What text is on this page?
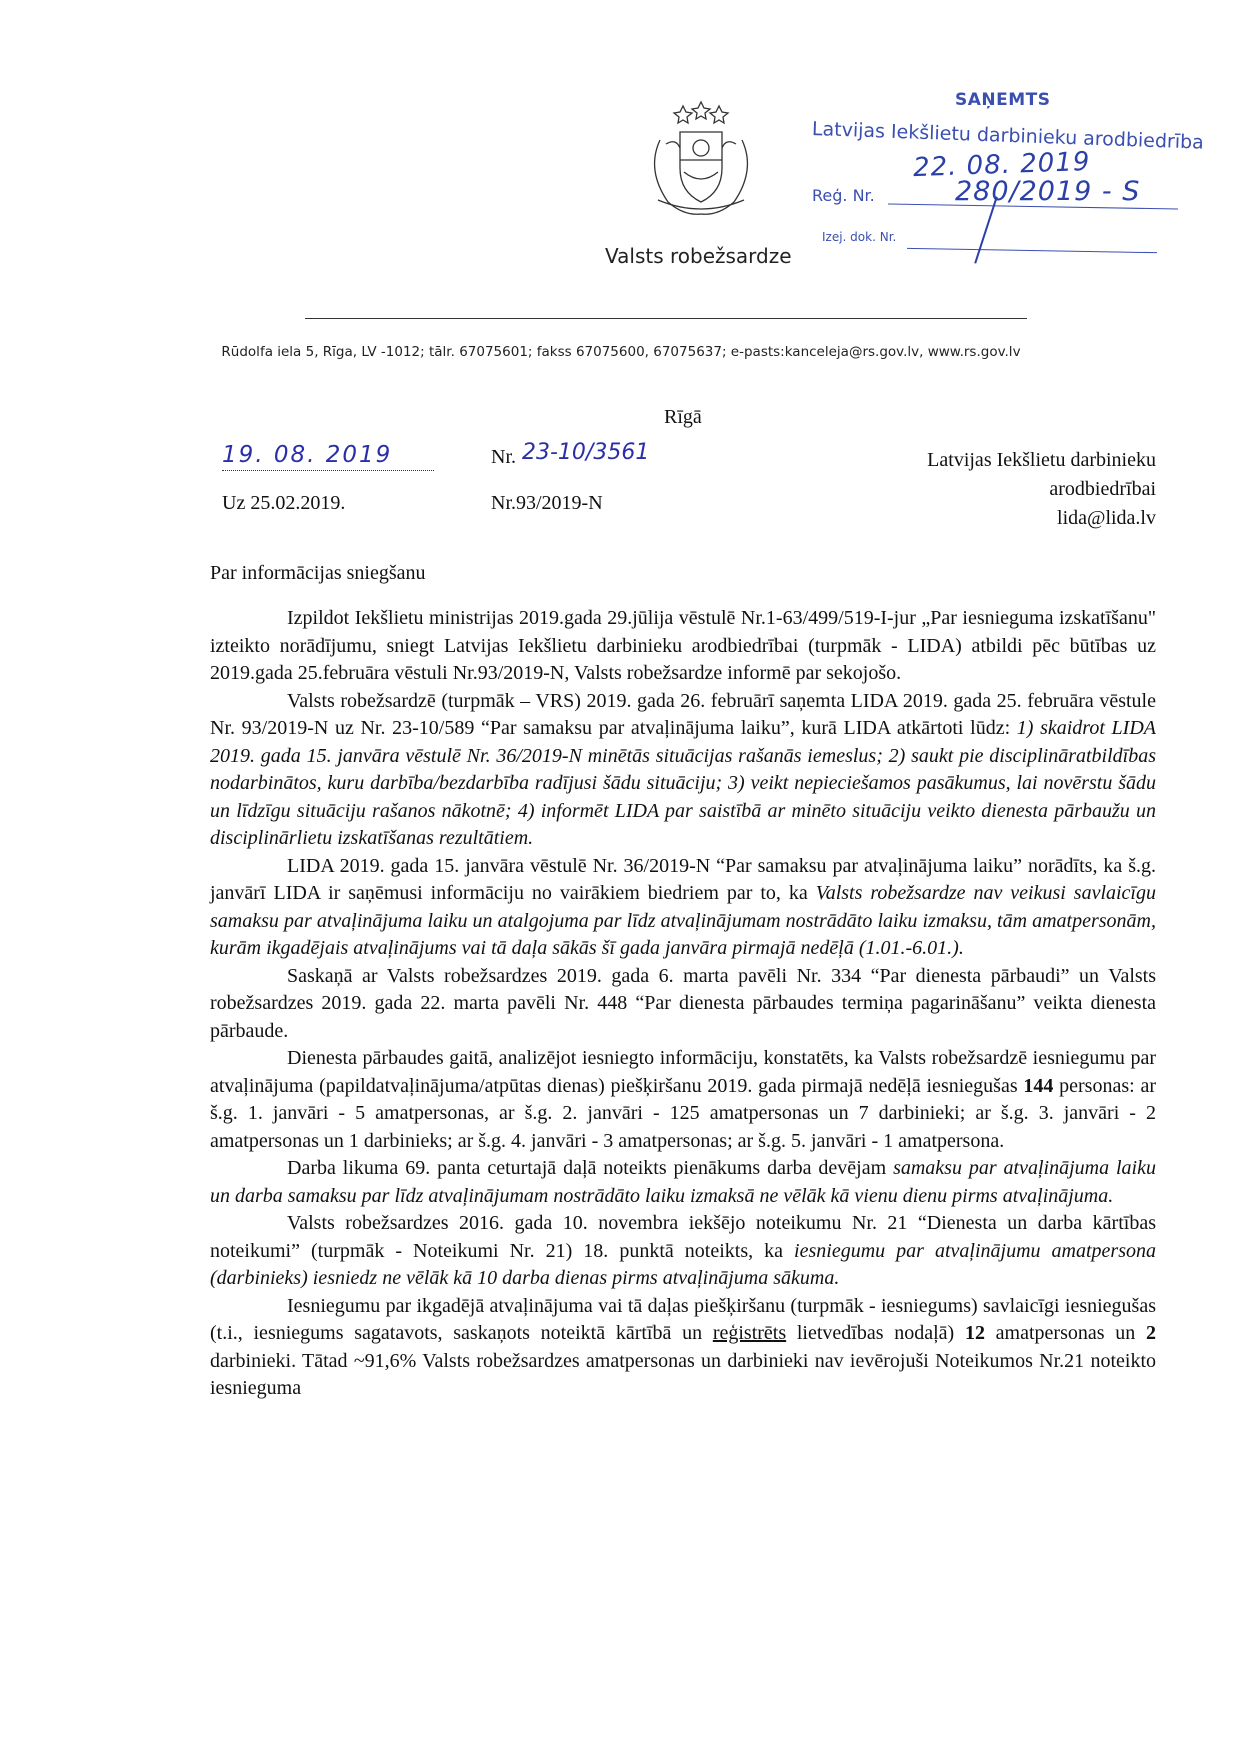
Valsts robežsardze
Rūdolfa iela 5, Rīga, LV -1012; tālr. 67075601; fakss 67075600, 67075637; e-pasts:kanceleja@rs.gov.lv, www.rs.gov.lv
SAŅEMTS
Latvijas Iekšlietu darbinieku arodbiedrība
22. 08. 2019
Reģ. Nr.	280/2019 - S
Izej. dok. Nr.
Rīgā
19. 08. 2019	Nr. 23-10/3561
Uz 25.02.2019.	Nr.93/2019-N
Latvijas Iekšlietu darbinieku
arodbiedrībai
lida@lida.lv
Par informācijas sniegšanu

Izpildot Iekšlietu ministrijas 2019.gada 29.jūlija vēstulē Nr.1-63/499/519-I-jur „Par iesnieguma izskatīšanu" izteikto norādījumu, sniegt Latvijas Iekšlietu darbinieku arodbiedrībai (turpmāk - LIDA) atbildi pēc būtības uz 2019.gada 25.februāra vēstuli Nr.93/2019-N, Valsts robežsardze informē par sekojošo.

Valsts robežsardzē (turpmāk – VRS) 2019. gada 26. februārī saņemta LIDA 2019. gada 25. februāra vēstule Nr. 93/2019-N uz Nr. 23-10/589 “Par samaksu par atvaļinājuma laiku”, kurā LIDA atkārtoti lūdz: 1) skaidrot LIDA 2019. gada 15. janvāra vēstulē Nr. 36/2019-N minētās situācijas rašanās iemeslus; 2) saukt pie disciplināratbildības nodarbinātos, kuru darbība/bezdarbība radījusi šādu situāciju; 3) veikt nepieciešamos pasākumus, lai novērstu šādu un līdzīgu situāciju rašanos nākotnē; 4) informēt LIDA par saistībā ar minēto situāciju veikto dienesta pārbaužu un disciplinārlietu izskatīšanas rezultātiem.

LIDA 2019. gada 15. janvāra vēstulē Nr. 36/2019-N “Par samaksu par atvaļinājuma laiku” norādīts, ka š.g. janvārī LIDA ir saņēmusi informāciju no vairākiem biedriem par to, ka Valsts robežsardze nav veikusi savlaicīgu samaksu par atvaļinājuma laiku un atalgojuma par līdz atvaļinājumam nostrādāto laiku izmaksu, tām amatpersonām, kurām ikgadējais atvaļinājums vai tā daļa sākās šī gada janvāra pirmajā nedēļā (1.01.-6.01.).

Saskaņā ar Valsts robežsardzes 2019. gada 6. marta pavēli Nr. 334 “Par dienesta pārbaudi” un Valsts robežsardzes 2019. gada 22. marta pavēli Nr. 448 “Par dienesta pārbaudes termiņa pagarināšanu” veikta dienesta pārbaude.

Dienesta pārbaudes gaitā, analizējot iesniegto informāciju, konstatēts, ka Valsts robežsardzē iesniegumu par atvaļinājuma (papildatvaļinājuma/atpūtas dienas) piešķiršanu 2019. gada pirmajā nedēļā iesniegušas 144 personas: ar š.g. 1. janvāri - 5 amatpersonas, ar š.g. 2. janvāri - 125 amatpersonas un 7 darbinieki; ar š.g. 3. janvāri - 2 amatpersonas un 1 darbinieks; ar š.g. 4. janvāri - 3 amatpersonas; ar š.g. 5. janvāri - 1 amatpersona.

Darba likuma 69. panta ceturtajā daļā noteikts pienākums darba devējam samaksu par atvaļinājuma laiku un darba samaksu par līdz atvaļinājumam nostrādāto laiku izmaksā ne vēlāk kā vienu dienu pirms atvaļinājuma.

Valsts robežsardzes 2016. gada 10. novembra iekšējo noteikumu Nr. 21 “Dienesta un darba kārtības noteikumi” (turpmāk - Noteikumi Nr. 21) 18. punktā noteikts, ka iesniegumu par atvaļinājumu amatpersona (darbinieks) iesniedz ne vēlāk kā 10 darba dienas pirms atvaļinājuma sākuma.

Iesniegumu par ikgadējā atvaļinājuma vai tā daļas piešķiršanu (turpmāk - iesniegums) savlaicīgi iesniegušas (t.i., iesniegums sagatavots, saskaņots noteiktā kārtībā un reģistrēts lietvedības nodaļā) 12 amatpersonas un 2 darbinieki. Tātad ~91,6% Valsts robežsardzes amatpersonas un darbinieki nav ievērojuši Noteikumos Nr.21 noteikto iesnieguma
